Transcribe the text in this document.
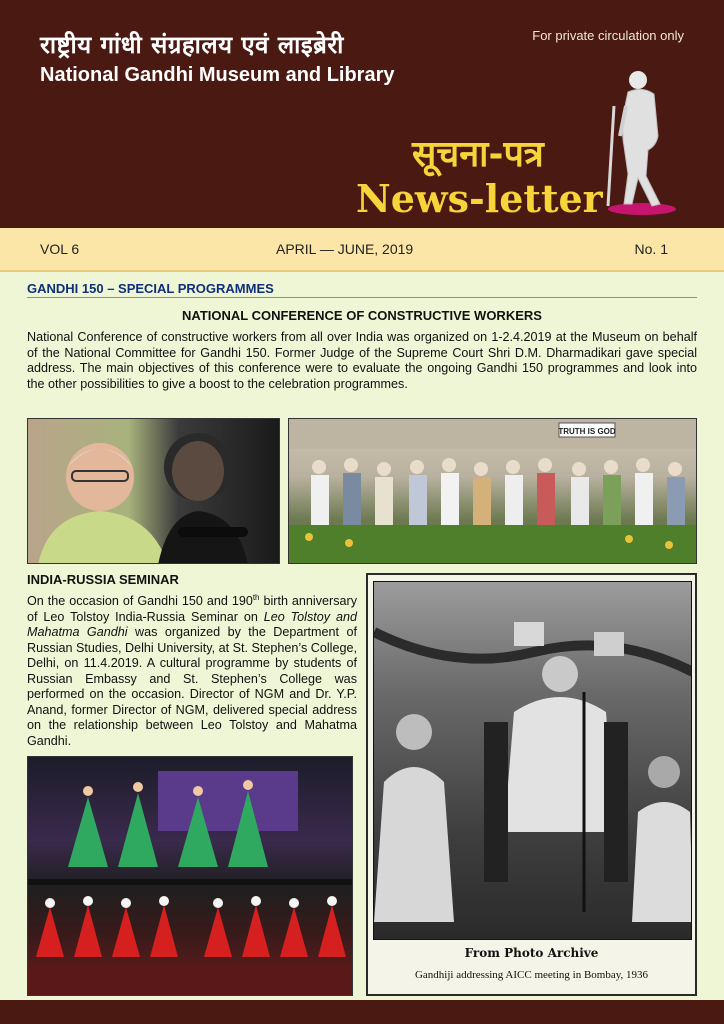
राष्ट्रीय गांधी संग्रहालय एवं लाइब्रेरी
National Gandhi Museum and Library
For private circulation only
सूचना-पत्र
News-letter
VOL 6	APRIL — JUNE, 2019	No. 1
GANDHI 150 – SPECIAL PROGRAMMES
NATIONAL CONFERENCE OF CONSTRUCTIVE WORKERS
National Conference of constructive workers from all over India was organized on 1-2.4.2019 at the Museum on behalf of the National Committee for Gandhi 150. Former Judge of the Supreme Court Shri D.M. Dharmadikari gave special address. The main objectives of this conference were to evaluate the ongoing Gandhi 150 programmes and look into the other possibilities to give a boost to the celebration programmes.
TRUTH IS GOD
INDIA-RUSSIA SEMINAR
On the occasion of Gandhi 150 and 190th birth anniversary of Leo Tolstoy India-Russia Seminar on Leo Tolstoy and Mahatma Gandhi was organized by the Department of Russian Studies, Delhi University, at St. Stephen’s College, Delhi, on 11.4.2019. A cultural programme by students of Russian Embassy and St. Stephen’s College was performed on the occasion. Director of NGM and Dr. Y.P. Anand, former Director of NGM, delivered special address on the relationship between Leo Tolstoy and Mahatma Gandhi.
From Photo Archive
Gandhiji addressing AICC meeting in Bombay, 1936
